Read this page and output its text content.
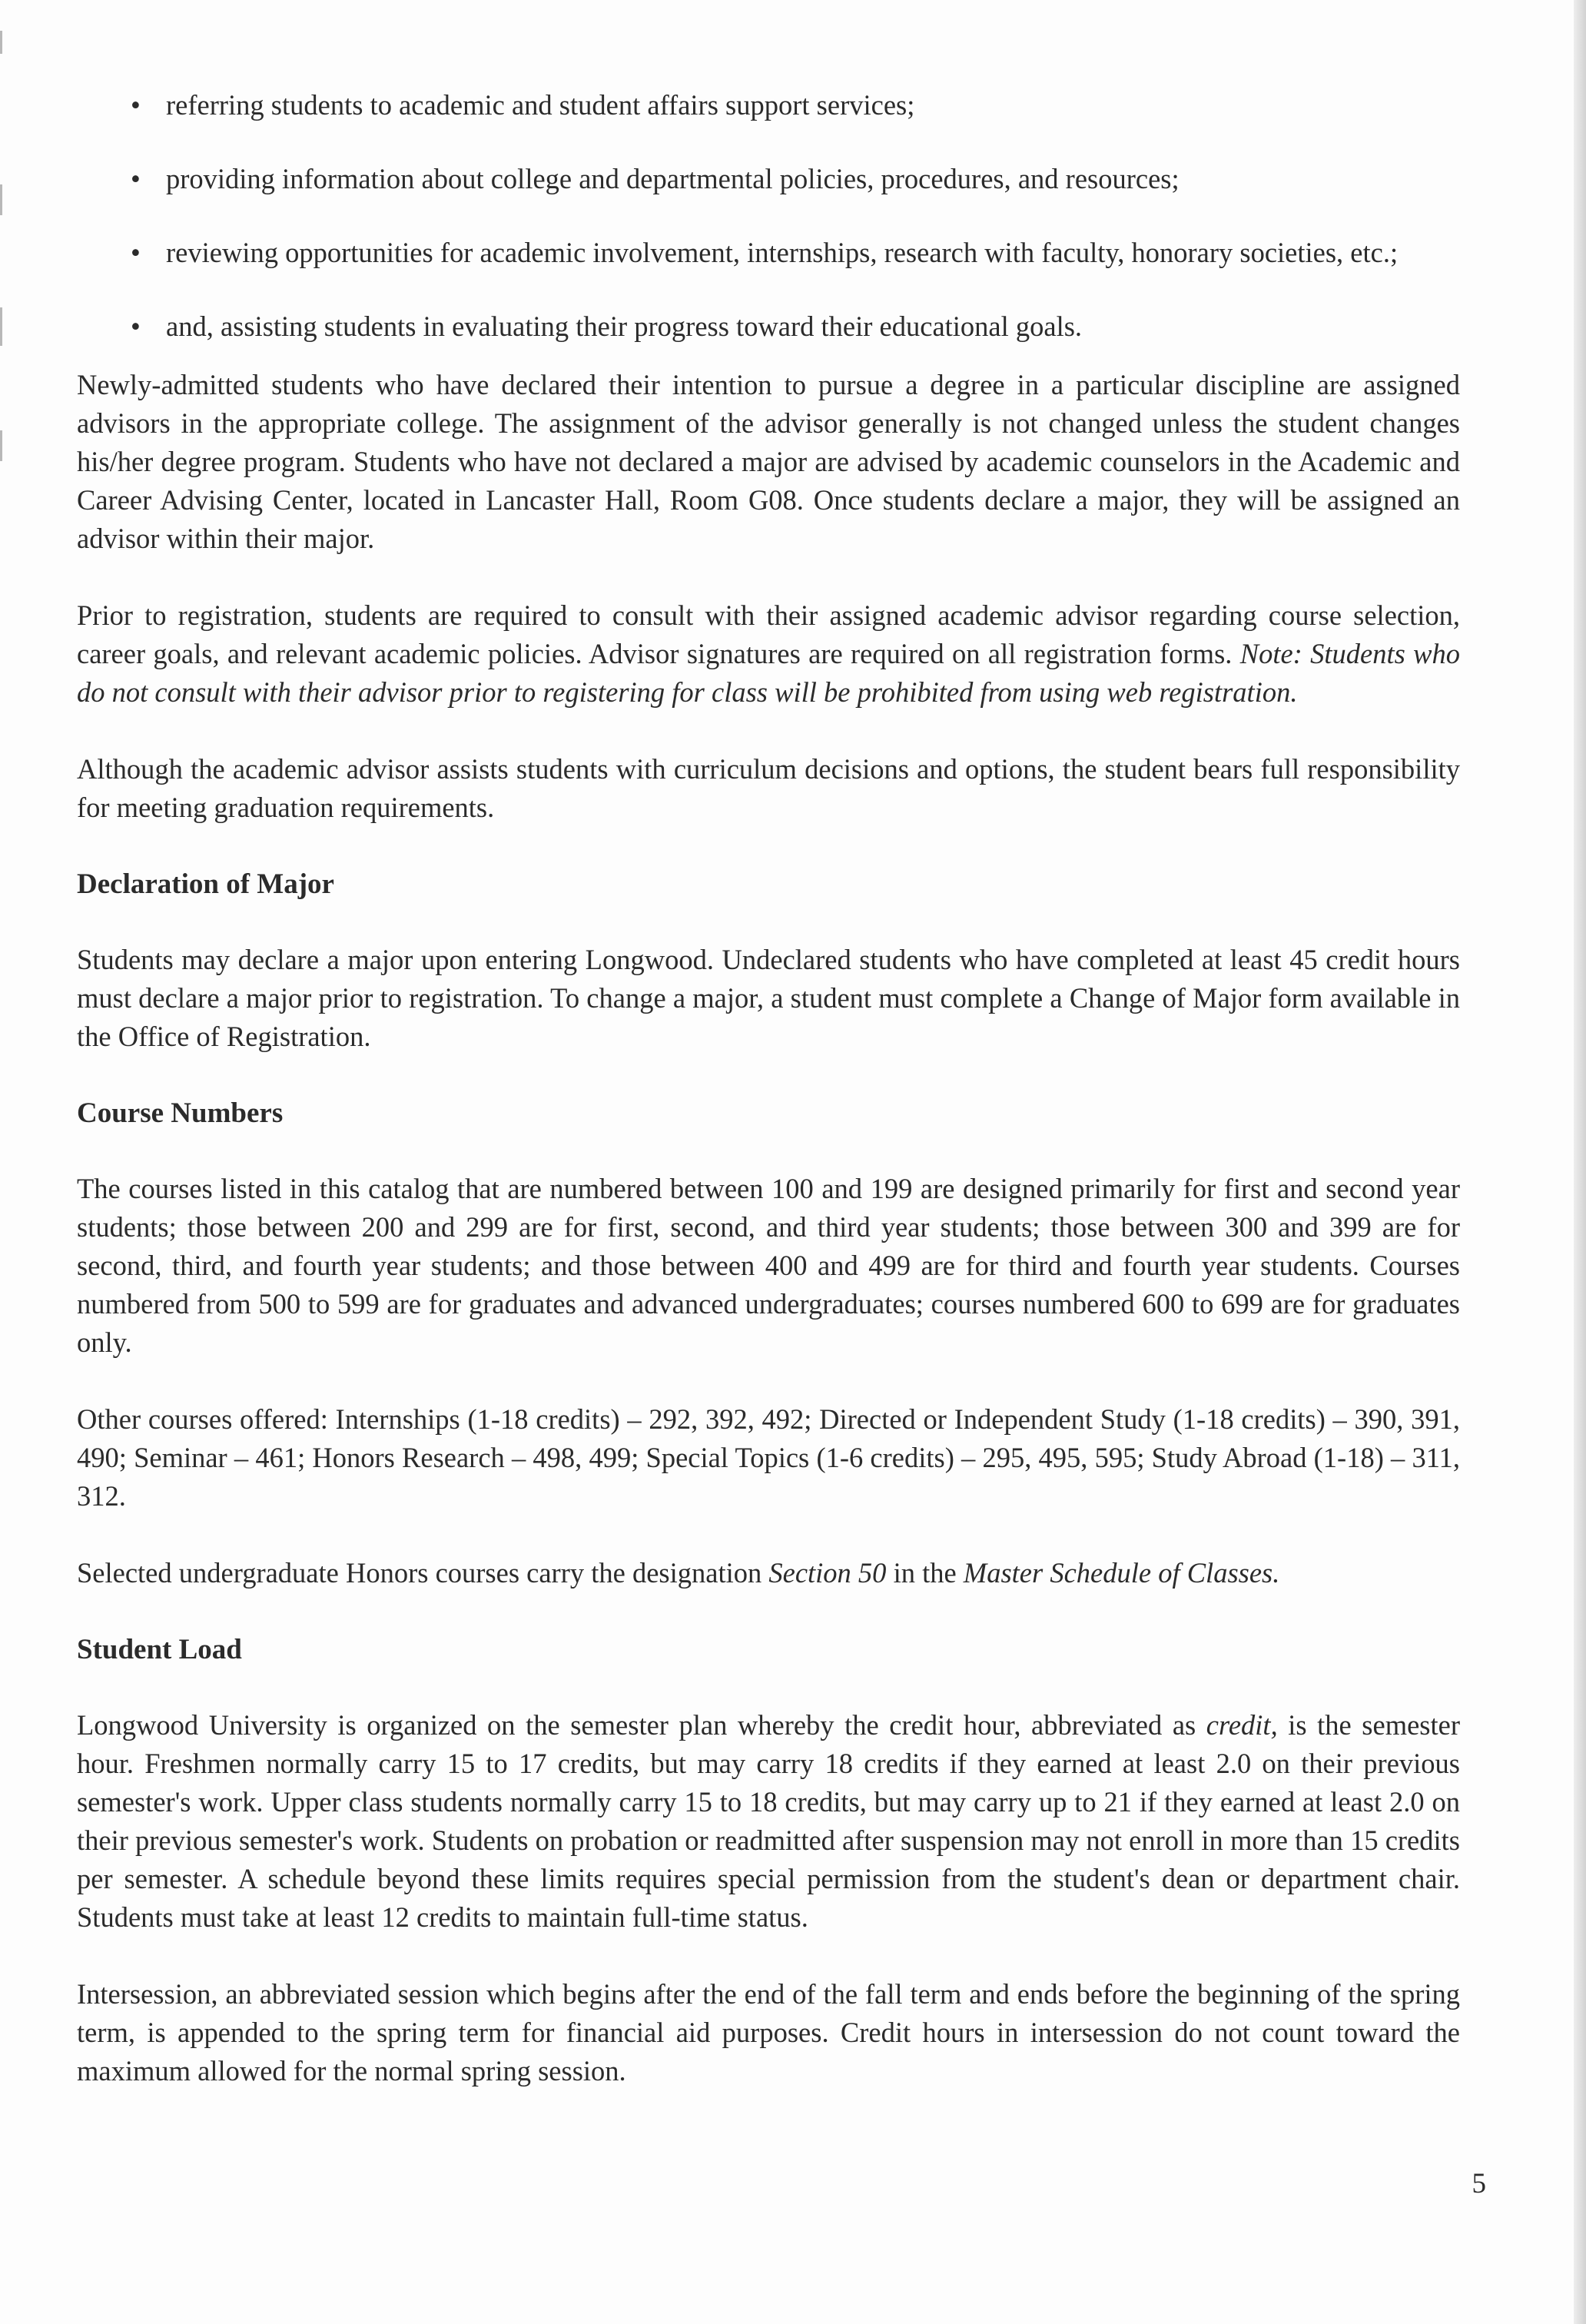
• referring students to academic and student affairs support services;
• providing information about college and departmental policies, procedures, and resources;
• reviewing opportunities for academic involvement, internships, research with faculty, honorary societies, etc.;
• and, assisting students in evaluating their progress toward their educational goals.

Newly-admitted students who have declared their intention to pursue a degree in a particular discipline are assigned advisors in the appropriate college. The assignment of the advisor generally is not changed unless the student changes his/her degree program. Students who have not declared a major are advised by academic counselors in the Academic and Career Advising Center, located in Lancaster Hall, Room G08. Once students declare a major, they will be assigned an advisor within their major.

Prior to registration, students are required to consult with their assigned academic advisor regarding course selection, career goals, and relevant academic policies. Advisor signatures are required on all registration forms. Note: Students who do not consult with their advisor prior to registering for class will be prohibited from using web registration.

Although the academic advisor assists students with curriculum decisions and options, the student bears full responsibility for meeting graduation requirements.

Declaration of Major

Students may declare a major upon entering Longwood. Undeclared students who have completed at least 45 credit hours must declare a major prior to registration. To change a major, a student must complete a Change of Major form available in the Office of Registration.

Course Numbers

The courses listed in this catalog that are numbered between 100 and 199 are designed primarily for first and second year students; those between 200 and 299 are for first, second, and third year students; those between 300 and 399 are for second, third, and fourth year students; and those between 400 and 499 are for third and fourth year students. Courses numbered from 500 to 599 are for graduates and advanced undergraduates; courses numbered 600 to 699 are for graduates only.

Other courses offered: Internships (1-18 credits) – 292, 392, 492; Directed or Independent Study (1-18 credits) – 390, 391, 490; Seminar – 461; Honors Research – 498, 499; Special Topics (1-6 credits) – 295, 495, 595; Study Abroad (1-18) – 311, 312.

Selected undergraduate Honors courses carry the designation Section 50 in the Master Schedule of Classes.

Student Load

Longwood University is organized on the semester plan whereby the credit hour, abbreviated as credit, is the semester hour. Freshmen normally carry 15 to 17 credits, but may carry 18 credits if they earned at least 2.0 on their previous semester's work. Upper class students normally carry 15 to 18 credits, but may carry up to 21 if they earned at least 2.0 on their previous semester's work. Students on probation or readmitted after suspension may not enroll in more than 15 credits per semester. A schedule beyond these limits requires special permission from the student's dean or department chair. Students must take at least 12 credits to maintain full-time status.

Intersession, an abbreviated session which begins after the end of the fall term and ends before the beginning of the spring term, is appended to the spring term for financial aid purposes. Credit hours in intersession do not count toward the maximum allowed for the normal spring session.

5
